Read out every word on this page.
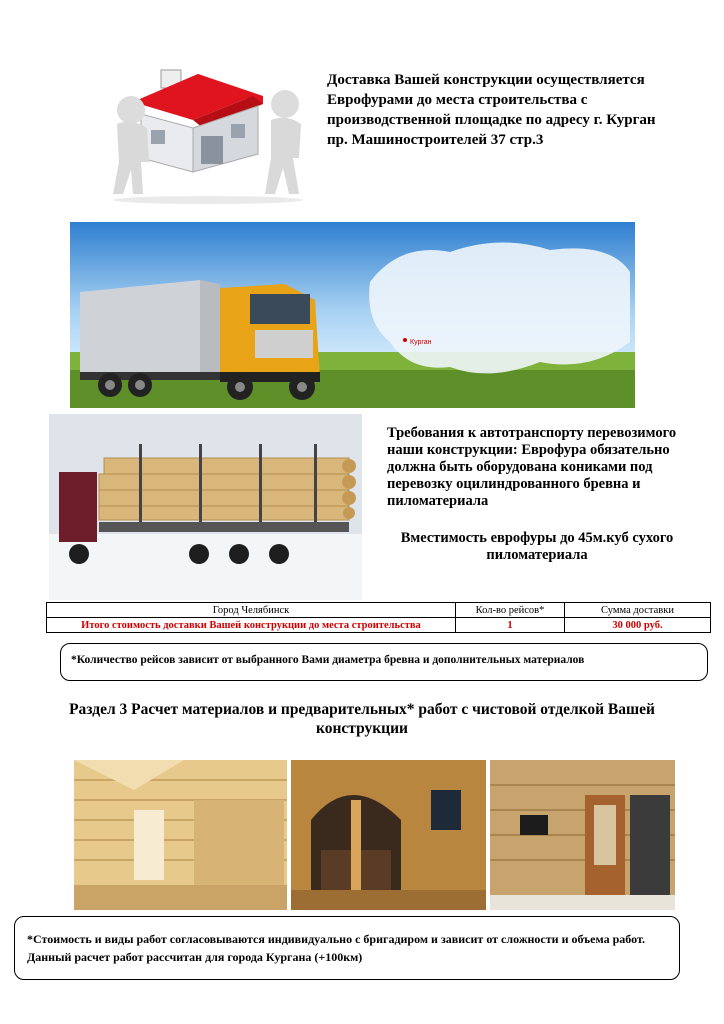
Доставка Вашей конструкции осуществляется Еврофурами до места строительства с производственной площадке по адресу г. Курган пр. Машиностроителей 37 стр.3
Курган
Требования к автотранспорту перевозимого наши конструкции: Еврофура обязательно должна быть оборудована кониками под перевозку оцилиндрованного бревна и пиломатериала
Вместимость еврофуры до 45м.куб сухого пиломатериала
Город Челябинск	Кол-во рейсов*	Сумма доставки
Итого стоимость доставки Вашей конструкции до места строительства	1	30 000 руб.
*Количество рейсов зависит от выбранного Вами диаметра бревна и дополнительных материалов
Раздел 3 Расчет материалов и предварительных* работ с чистовой отделкой Вашей конструкции
*Стоимость и виды работ согласовываются индивидуально с бригадиром и зависит от сложности и объема работ. Данный расчет работ рассчитан для города Кургана (+100км)
